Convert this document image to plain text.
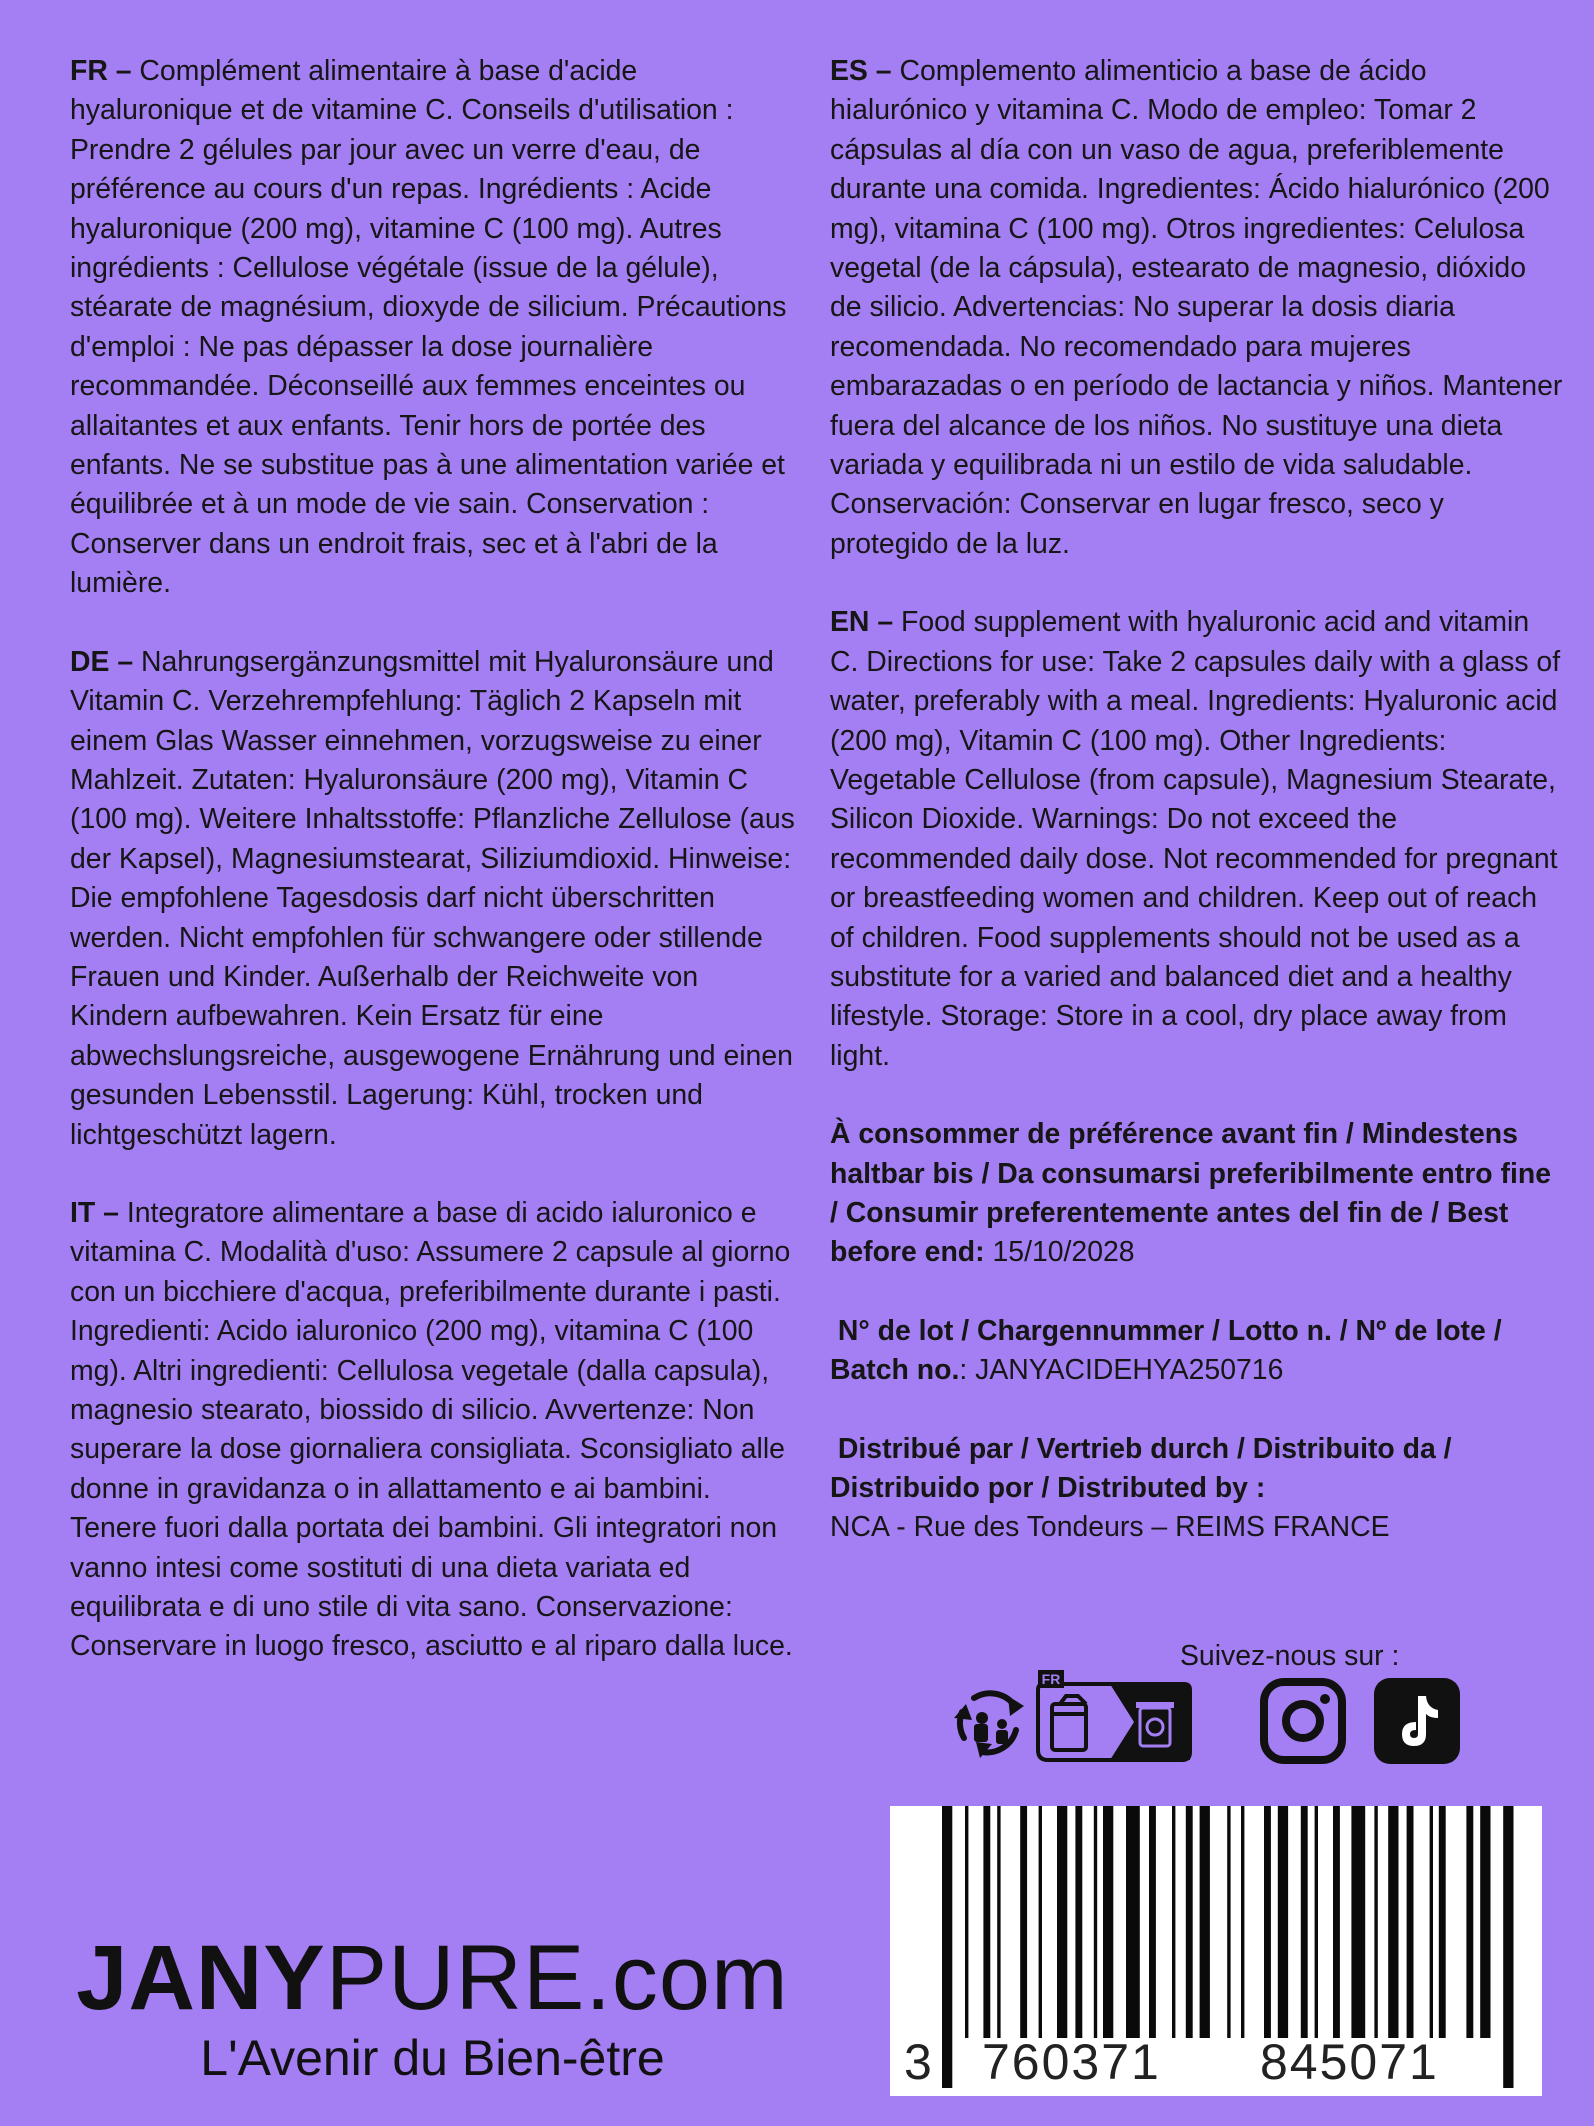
FR – Complément alimentaire à base d'acide hyaluronique et de vitamine C. Conseils d'utilisation : Prendre 2 gélules par jour avec un verre d'eau, de préférence au cours d'un repas. Ingrédients : Acide hyaluronique (200 mg), vitamine C (100 mg). Autres ingrédients : Cellulose végétale (issue de la gélule), stéarate de magnésium, dioxyde de silicium. Précautions d'emploi : Ne pas dépasser la dose journalière recommandée. Déconseillé aux femmes enceintes ou allaitantes et aux enfants. Tenir hors de portée des enfants. Ne se substitue pas à une alimentation variée et équilibrée et à un mode de vie sain. Conservation : Conserver dans un endroit frais, sec et à l'abri de la lumière.

DE – Nahrungsergänzungsmittel mit Hyaluronsäure und Vitamin C. Verzehrempfehlung: Täglich 2 Kapseln mit einem Glas Wasser einnehmen, vorzugsweise zu einer Mahlzeit. Zutaten: Hyaluronsäure (200 mg), Vitamin C (100 mg). Weitere Inhaltsstoffe: Pflanzliche Zellulose (aus der Kapsel), Magnesiumstearat, Siliziumdioxid. Hinweise: Die empfohlene Tagesdosis darf nicht überschritten werden. Nicht empfohlen für schwangere oder stillende Frauen und Kinder. Außerhalb der Reichweite von Kindern aufbewahren. Kein Ersatz für eine abwechslungsreiche, ausgewogene Ernährung und einen gesunden Lebensstil. Lagerung: Kühl, trocken und lichtgeschützt lagern.

IT – Integratore alimentare a base di acido ialuronico e vitamina C. Modalità d'uso: Assumere 2 capsule al giorno con un bicchiere d'acqua, preferibilmente durante i pasti. Ingredienti: Acido ialuronico (200 mg), vitamina C (100 mg). Altri ingredienti: Cellulosa vegetale (dalla capsula), magnesio stearato, biossido di silicio. Avvertenze: Non superare la dose giornaliera consigliata. Sconsigliato alle donne in gravidanza o in allattamento e ai bambini. Tenere fuori dalla portata dei bambini. Gli integratori non vanno intesi come sostituti di una dieta variata ed equilibrata e di uno stile di vita sano. Conservazione: Conservare in luogo fresco, asciutto e al riparo dalla luce.

ES – Complemento alimenticio a base de ácido hialurónico y vitamina C. Modo de empleo: Tomar 2 cápsulas al día con un vaso de agua, preferiblemente durante una comida. Ingredientes: Ácido hialurónico (200 mg), vitamina C (100 mg). Otros ingredientes: Celulosa vegetal (de la cápsula), estearato de magnesio, dióxido de silicio. Advertencias: No superar la dosis diaria recomendada. No recomendado para mujeres embarazadas o en período de lactancia y niños. Mantener fuera del alcance de los niños. No sustituye una dieta variada y equilibrada ni un estilo de vida saludable. Conservación: Conservar en lugar fresco, seco y protegido de la luz.

EN – Food supplement with hyaluronic acid and vitamin C. Directions for use: Take 2 capsules daily with a glass of water, preferably with a meal. Ingredients: Hyaluronic acid (200 mg), Vitamin C (100 mg). Other Ingredients: Vegetable Cellulose (from capsule), Magnesium Stearate, Silicon Dioxide. Warnings: Do not exceed the recommended daily dose. Not recommended for pregnant or breastfeeding women and children. Keep out of reach of children. Food supplements should not be used as a substitute for a varied and balanced diet and a healthy lifestyle. Storage: Store in a cool, dry place away from light.

À consommer de préférence avant fin / Mindestens haltbar bis / Da consumarsi preferibilmente entro fine / Consumir preferentemente antes del fin de / Best before end: 15/10/2028

N° de lot / Chargennummer / Lotto n. / Nº de lote / Batch no.: JANYACIDEHYA250716

Distribué par / Vertrieb durch / Distribuito da / Distribuido por / Distributed by :
NCA - Rue des Tondeurs – REIMS FRANCE

Suivez-nous sur :
FR
3 760371 845071
JANYPURE.com
L'Avenir du Bien-être
